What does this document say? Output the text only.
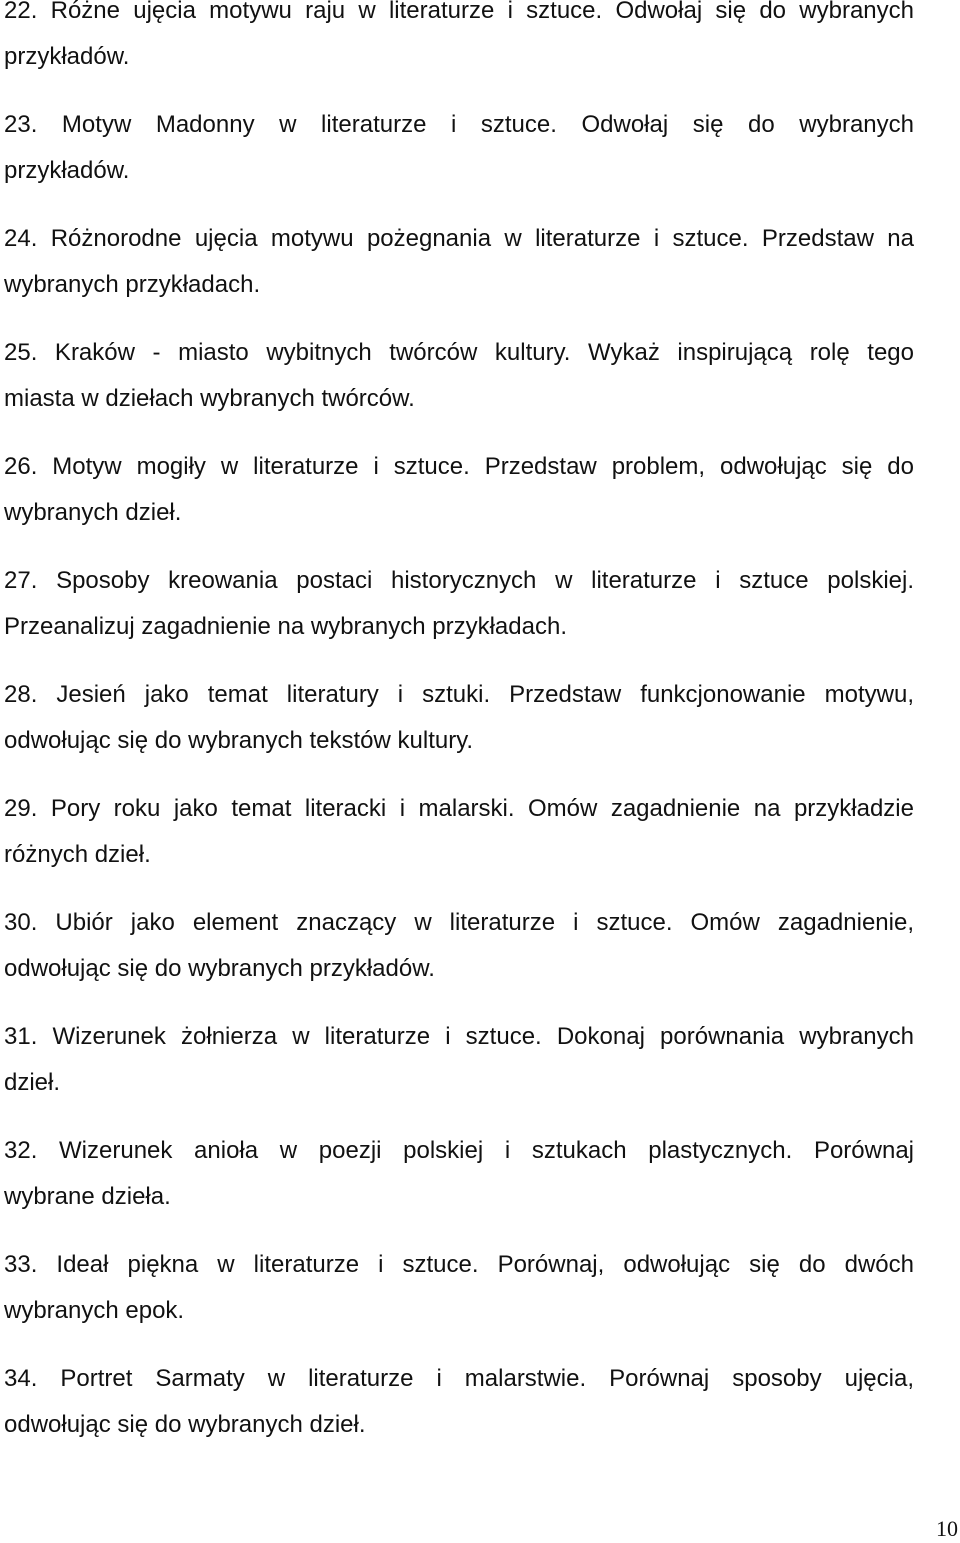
22. Różne ujęcia motywu raju w literaturze i sztuce. Odwołaj się do wybranych
przykładów.
23. Motyw Madonny w literaturze i sztuce. Odwołaj się do wybranych
przykładów.
24. Różnorodne ujęcia motywu pożegnania w literaturze i sztuce. Przedstaw na
wybranych przykładach.
25. Kraków - miasto wybitnych twórców kultury. Wykaż inspirującą rolę tego
miasta w dziełach wybranych twórców.
26. Motyw mogiły w literaturze i sztuce. Przedstaw problem, odwołując się do
wybranych dzieł.
27. Sposoby kreowania postaci historycznych w literaturze i sztuce polskiej.
Przeanalizuj zagadnienie na wybranych przykładach.
28. Jesień jako temat literatury i sztuki. Przedstaw funkcjonowanie motywu,
odwołując się do wybranych tekstów kultury.
29. Pory roku jako temat literacki i malarski. Omów zagadnienie na przykładzie
różnych dzieł.
30. Ubiór jako element znaczący w literaturze i sztuce. Omów zagadnienie,
odwołując się do wybranych przykładów.
31. Wizerunek żołnierza w literaturze i sztuce. Dokonaj porównania wybranych
dzieł.
32. Wizerunek anioła w poezji polskiej i sztukach plastycznych. Porównaj
wybrane dzieła.
33. Ideał piękna w literaturze i sztuce. Porównaj, odwołując się do dwóch
wybranych epok.
34. Portret Sarmaty w literaturze i malarstwie. Porównaj sposoby ujęcia,
odwołując się do wybranych dzieł.
10
